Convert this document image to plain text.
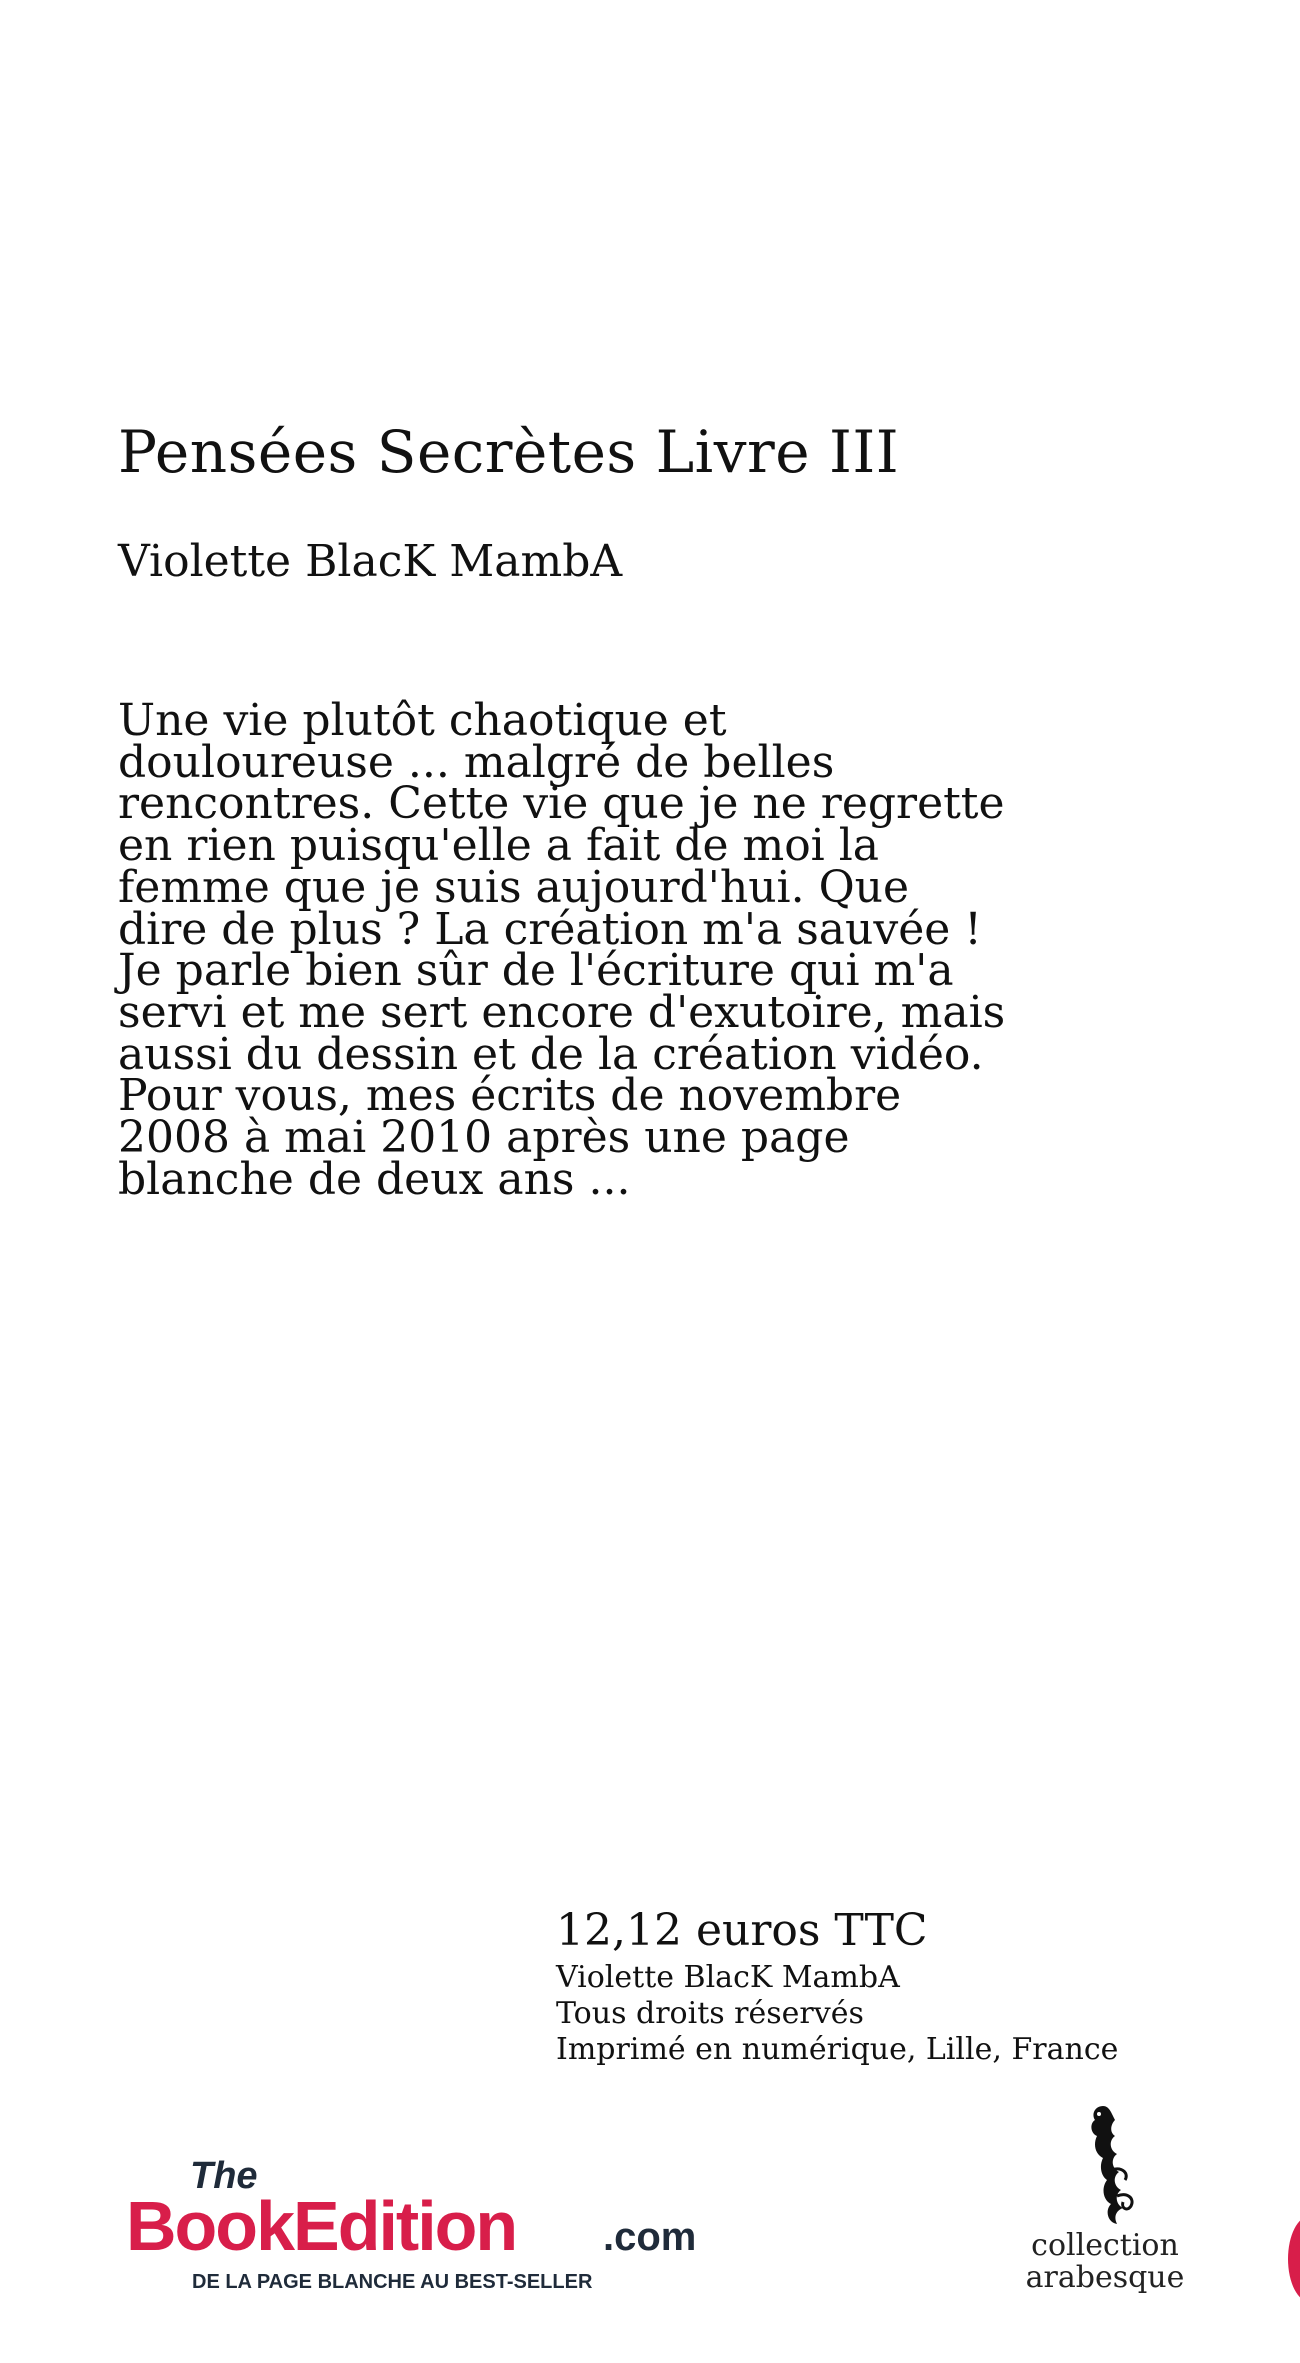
Pensées Secrètes Livre III
Violette BlacK MambA
Une vie plutôt chaotique et
douloureuse ... malgré de belles
rencontres. Cette vie que je ne regrette
en rien puisqu'elle a fait de moi la
femme que je suis aujourd'hui. Que
dire de plus ? La création m'a sauvée !
Je parle bien sûr de l'écriture qui m'a
servi et me sert encore d'exutoire, mais
aussi du dessin et de la création vidéo.
Pour vous, mes écrits de novembre
2008 à mai 2010 après une page
blanche de deux ans ...
12,12 euros TTC
Violette BlacK MambA
Tous droits réservés
Imprimé en numérique, Lille, France
The
BookEdition .com
DE LA PAGE BLANCHE AU BEST-SELLER
collection
arabesque
